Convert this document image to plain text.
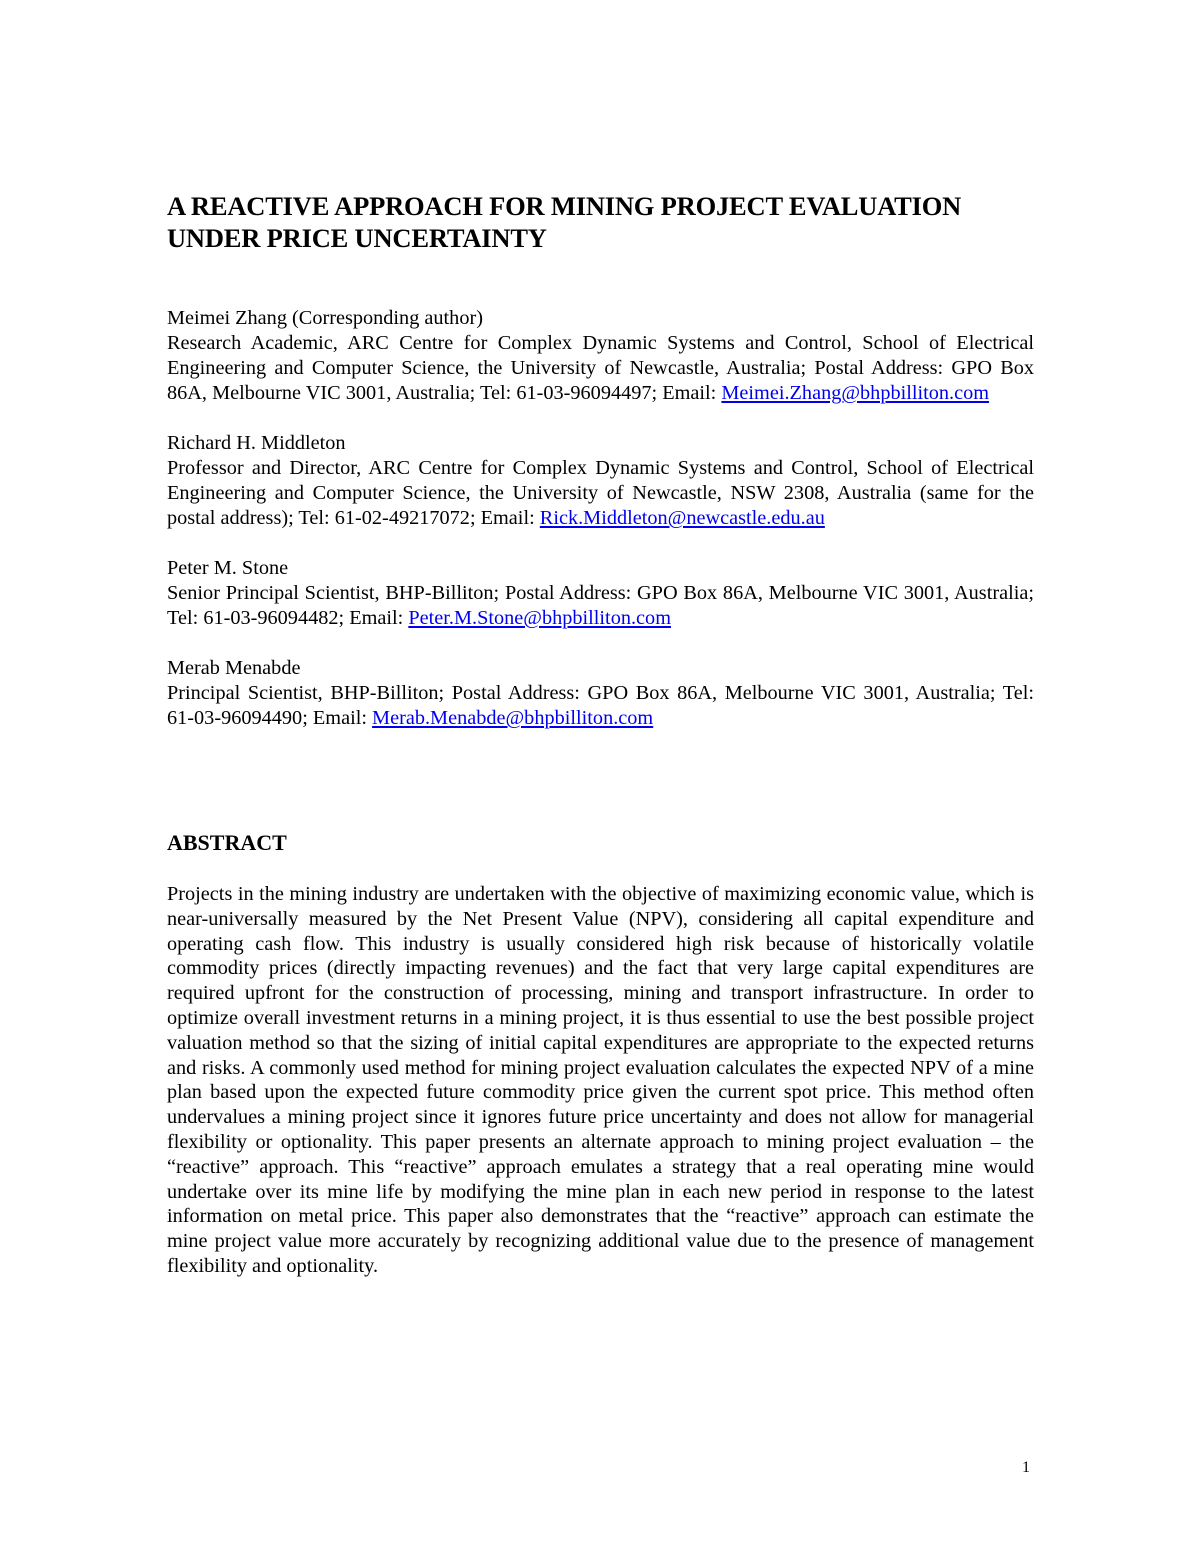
A REACTIVE APPROACH FOR MINING PROJECT EVALUATION
UNDER PRICE UNCERTAINTY
Meimei Zhang (Corresponding author)
Research Academic, ARC Centre for Complex Dynamic Systems and Control, School of Electrical Engineering and Computer Science, the University of Newcastle, Australia; Postal Address: GPO Box 86A, Melbourne VIC 3001, Australia; Tel: 61-03-96094497; Email: Meimei.Zhang@bhpbilliton.com
Richard H. Middleton
Professor and Director, ARC Centre for Complex Dynamic Systems and Control, School of Electrical Engineering and Computer Science, the University of Newcastle, NSW 2308, Australia (same for the postal address); Tel: 61-02-49217072; Email: Rick.Middleton@newcastle.edu.au
Peter M. Stone
Senior Principal Scientist, BHP-Billiton; Postal Address: GPO Box 86A, Melbourne VIC 3001, Australia; Tel: 61-03-96094482; Email: Peter.M.Stone@bhpbilliton.com
Merab Menabde
Principal Scientist, BHP-Billiton; Postal Address: GPO Box 86A, Melbourne VIC 3001, Australia; Tel: 61-03-96094490; Email: Merab.Menabde@bhpbilliton.com
ABSTRACT

Projects in the mining industry are undertaken with the objective of maximizing economic value, which is near-universally measured by the Net Present Value (NPV), considering all capital expenditure and operating cash flow. This industry is usually considered high risk because of historically volatile commodity prices (directly impacting revenues) and the fact that very large capital expenditures are required upfront for the construction of processing, mining and transport infrastructure. In order to optimize overall investment returns in a mining project, it is thus essential to use the best possible project valuation method so that the sizing of initial capital expenditures are appropriate to the expected returns and risks. A commonly used method for mining project evaluation calculates the expected NPV of a mine plan based upon the expected future commodity price given the current spot price. This method often undervalues a mining project since it ignores future price uncertainty and does not allow for managerial flexibility or optionality. This paper presents an alternate approach to mining project evaluation – the “reactive” approach. This “reactive” approach emulates a strategy that a real operating mine would undertake over its mine life by modifying the mine plan in each new period in response to the latest information on metal price. This paper also demonstrates that the “reactive” approach can estimate the mine project value more accurately by recognizing additional value due to the presence of management flexibility and optionality.

1
